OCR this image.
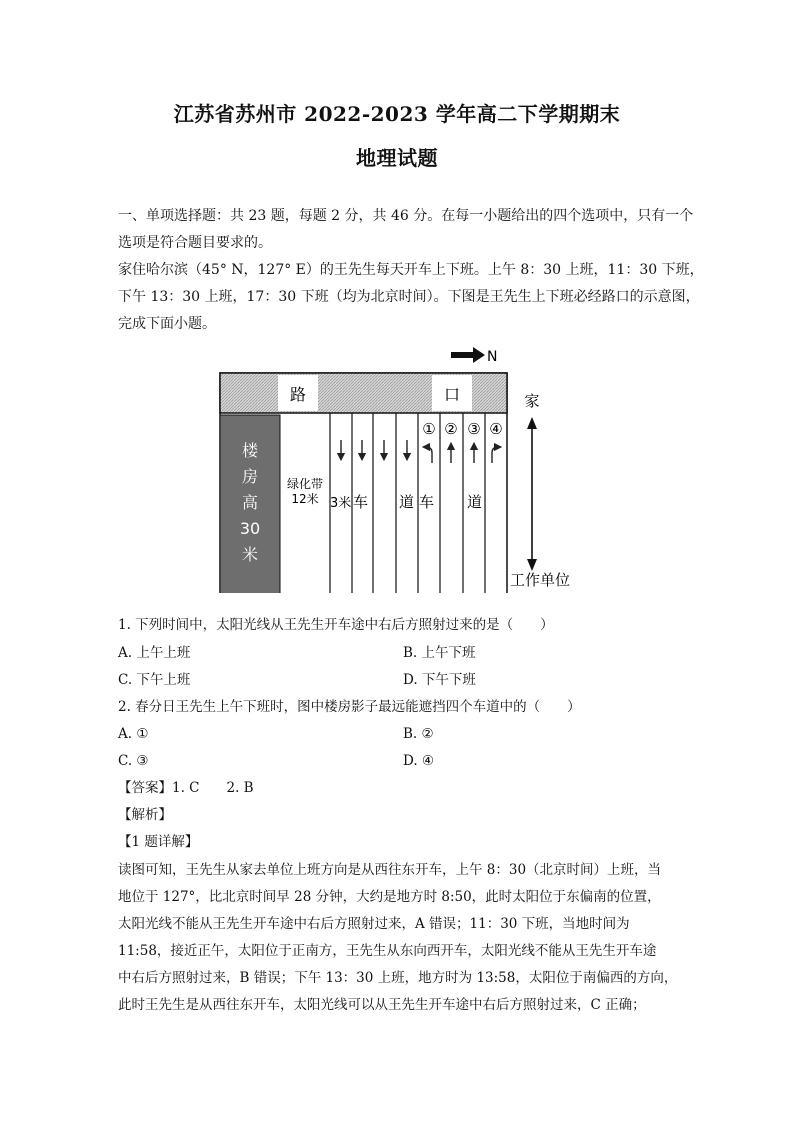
江苏省苏州市 2022-2023 学年高二下学期期末
地理试题
一、单项选择题：共 23 题，每题 2 分，共 46 分。在每一小题给出的四个选项中，只有一个
选项是符合题目要求的。
家住哈尔滨（45° N，127° E）的王先生每天开车上下班。上午 8：30 上班，11：30 下班，
下午 13：30 上班，17：30 下班（均为北京时间）。下图是王先生上下班必经路口的示意图，
完成下面小题。
N
路	口
楼
房
高
30
米
绿化带
12米 3米 车 道 车 道
① ② ③ ④
家
工作单位
1. 下列时间中，太阳光线从王先生开车途中右后方照射过来的是（　　）
A. 上午上班	B. 上午下班
C. 下午上班	D. 下午下班
2. 春分日王先生上午下班时，图中楼房影子最远能遮挡四个车道中的（　　）
A. ①	B. ②
C. ③	D. ④
【答案】1. C　　2. B
【解析】
【1 题详解】
读图可知，王先生从家去单位上班方向是从西往东开车，上午 8：30（北京时间）上班，当
地位于 127°，比北京时间早 28 分钟，大约是地方时 8:50，此时太阳位于东偏南的位置，
太阳光线不能从王先生开车途中右后方照射过来，A 错误；11：30 下班，当地时间为
11:58，接近正午，太阳位于正南方，王先生从东向西开车，太阳光线不能从王先生开车途
中右后方照射过来，B 错误；下午 13：30 上班，地方时为 13:58，太阳位于南偏西的方向，
此时王先生是从西往东开车，太阳光线可以从王先生开车途中右后方照射过来，C 正确；
